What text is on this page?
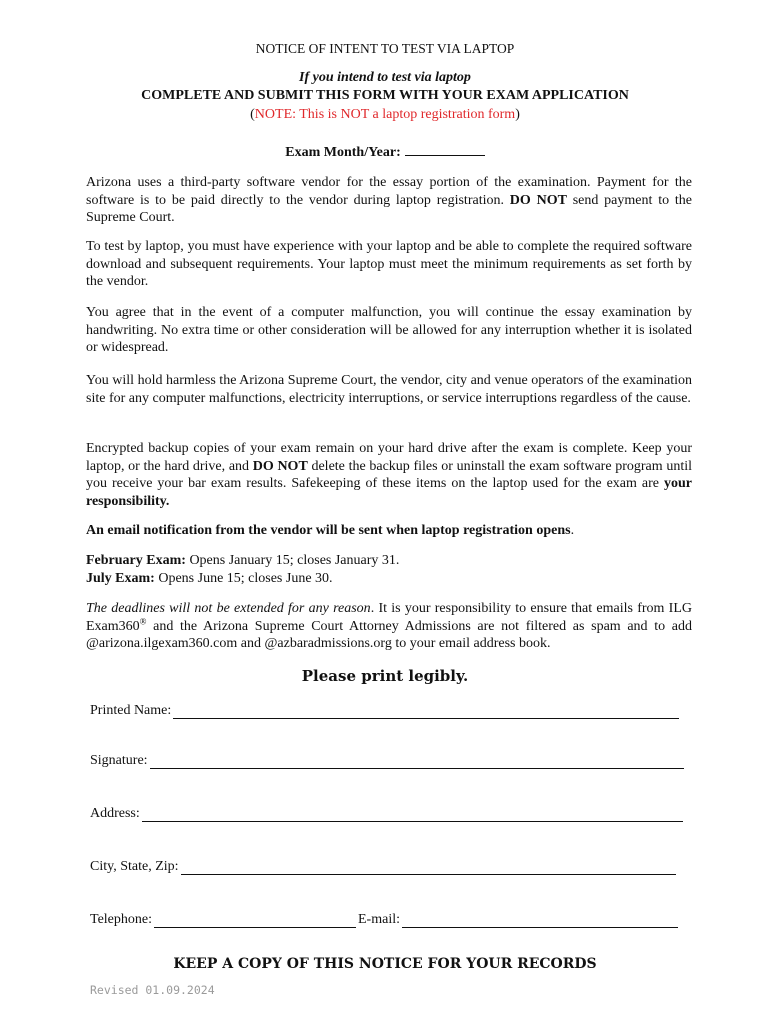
NOTICE OF INTENT TO TEST VIA LAPTOP
If you intend to test via laptop
COMPLETE AND SUBMIT THIS FORM WITH YOUR EXAM APPLICATION
(NOTE: This is NOT a laptop registration form)
Exam Month/Year:
Arizona uses a third-party software vendor for the essay portion of the examination. Payment for the software is to be paid directly to the vendor during laptop registration. DO NOT send payment to the Supreme Court.
To test by laptop, you must have experience with your laptop and be able to complete the required software download and subsequent requirements. Your laptop must meet the minimum requirements as set forth by the vendor.
You agree that in the event of a computer malfunction, you will continue the essay examination by handwriting. No extra time or other consideration will be allowed for any interruption whether it is isolated or widespread.
You will hold harmless the Arizona Supreme Court, the vendor, city and venue operators of the examination site for any computer malfunctions, electricity interruptions, or service interruptions regardless of the cause.
Encrypted backup copies of your exam remain on your hard drive after the exam is complete. Keep your laptop, or the hard drive, and DO NOT delete the backup files or uninstall the exam software program until you receive your bar exam results. Safekeeping of these items on the laptop used for the exam are your responsibility.
An email notification from the vendor will be sent when laptop registration opens.
February Exam: Opens January 15; closes January 31.
July Exam: Opens June 15; closes June 30.
The deadlines will not be extended for any reason. It is your responsibility to ensure that emails from ILG Exam360® and the Arizona Supreme Court Attorney Admissions are not filtered as spam and to add @arizona.ilgexam360.com and @azbaradmissions.org to your email address book.
Please print legibly.
Printed Name:
Signature:
Address:
City, State, Zip:
Telephone:	E-mail:
KEEP A COPY OF THIS NOTICE FOR YOUR RECORDS
Revised 01.09.2024
